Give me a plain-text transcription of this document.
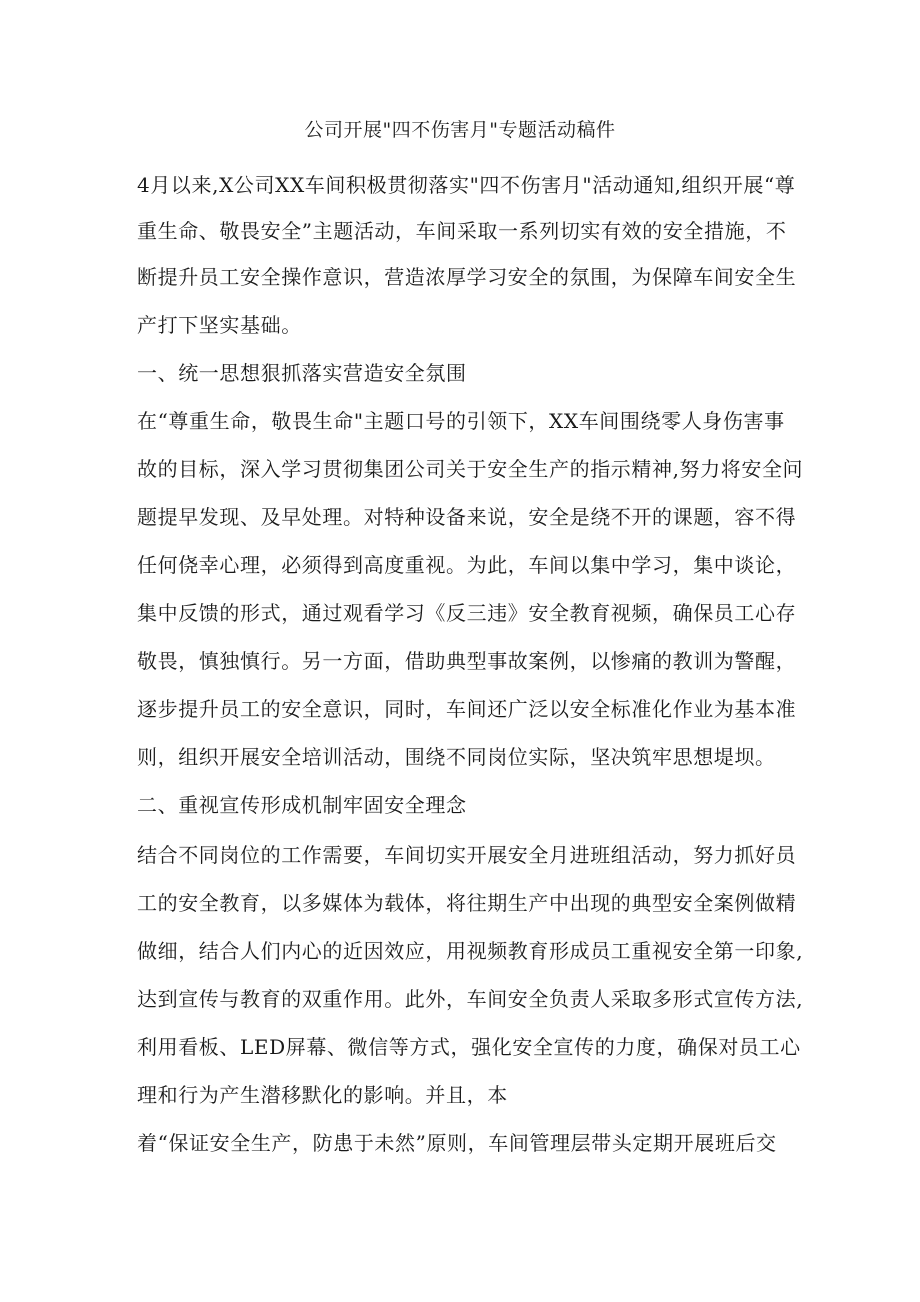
公司开展"四不伤害月"专题活动稿件
4月以来,X公司XX车间积极贯彻落实"四不伤害月"活动通知,组织开展“尊
重生命、敬畏安全”主题活动，车间采取一系列切实有效的安全措施，不
断提升员工安全操作意识，营造浓厚学习安全的氛围，为保障车间安全生
产打下坚实基础。
一、统一思想狠抓落实营造安全氛围
在“尊重生命，敬畏生命"主题口号的引领下，XX车间围绕零人身伤害事
故的目标，深入学习贯彻集团公司关于安全生产的指示精神,努力将安全问
题提早发现、及早处理。对特种设备来说，安全是绕不开的课题，容不得
任何侥幸心理，必须得到高度重视。为此，车间以集中学习，集中谈论，
集中反馈的形式，通过观看学习《反三违》安全教育视频，确保员工心存
敬畏，慎独慎行。另一方面，借助典型事故案例，以惨痛的教训为警醒，
逐步提升员工的安全意识，同时，车间还广泛以安全标准化作业为基本准
则，组织开展安全培训活动，围绕不同岗位实际，坚决筑牢思想堤坝。
二、重视宣传形成机制牢固安全理念
结合不同岗位的工作需要，车间切实开展安全月进班组活动，努力抓好员
工的安全教育，以多媒体为载体，将往期生产中出现的典型安全案例做精
做细，结合人们内心的近因效应，用视频教育形成员工重视安全第一印象,
达到宣传与教育的双重作用。此外，车间安全负责人采取多形式宣传方法,
利用看板、LED屏幕、微信等方式，强化安全宣传的力度，确保对员工心
理和行为产生潜移默化的影响。并且，本
着“保证安全生产，防患于未然”原则，车间管理层带头定期开展班后交
